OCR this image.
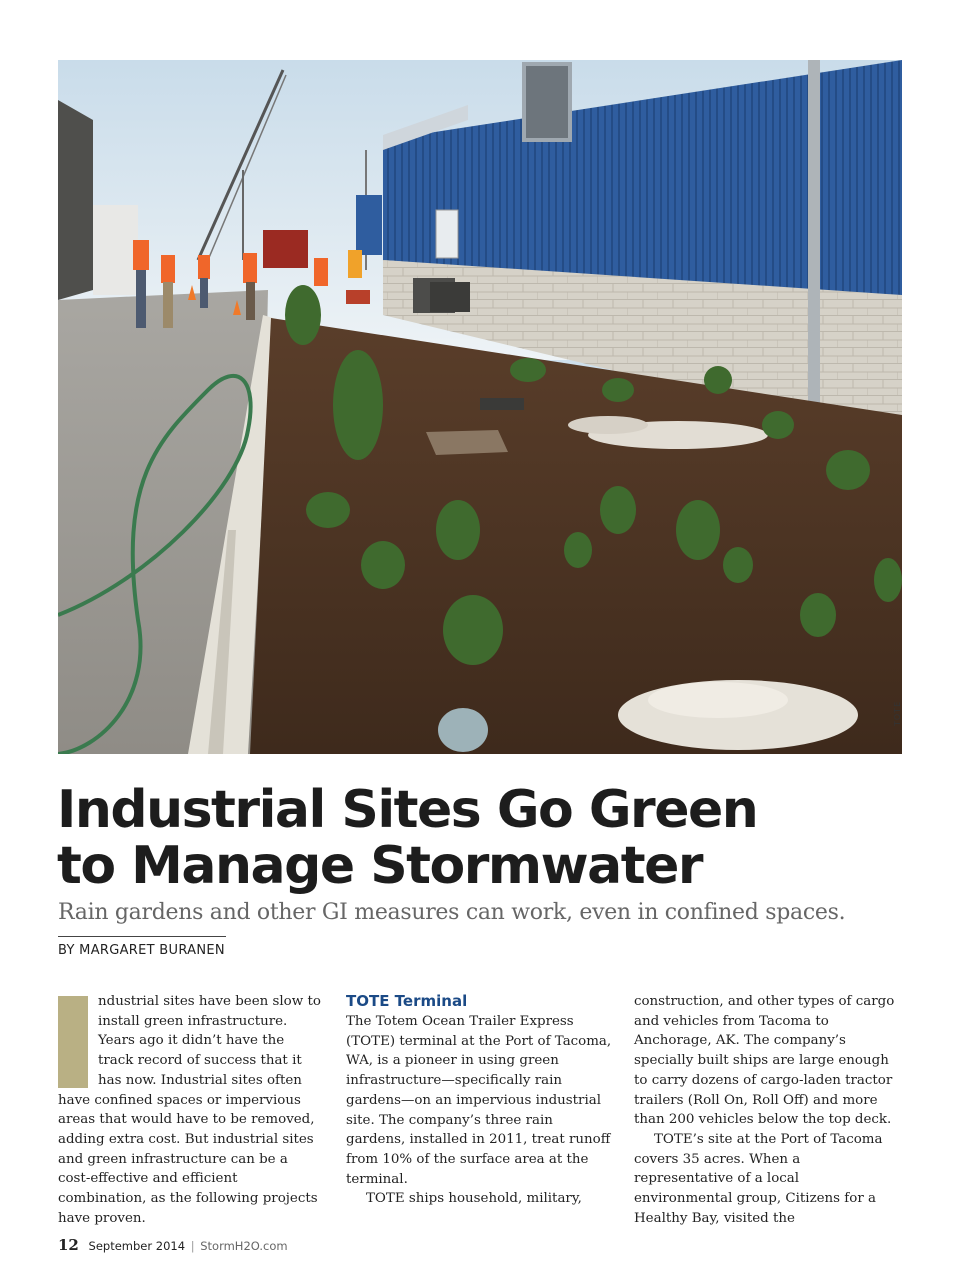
TOTE
Industrial Sites Go Green
to Manage Stormwater
Rain gardens and other GI measures can work, even in confined spaces.
BY MARGARET BURANEN

ndustrial sites have been slow to install green infrastructure. Years ago it didn’t have the track record of success that it has now. Industrial sites often have confined spaces or impervious areas that would have to be removed, adding extra cost. But industrial sites and green infrastructure can be a cost-effective and efficient combination, as the following projects have proven.

TOTE Terminal

The Totem Ocean Trailer Express (TOTE) terminal at the Port of Tacoma, WA, is a pioneer in using green infrastructure—specifically rain gardens—on an impervious industrial site. The company’s three rain gardens, installed in 2011, treat runoff from 10% of the surface area at the terminal.

TOTE ships household, military,

construction, and other types of cargo and vehicles from Tacoma to Anchorage, AK. The company’s specially built ships are large enough to carry dozens of cargo-laden tractor trailers (Roll On, Roll Off) and more than 200 vehicles below the top deck.

TOTE’s site at the Port of Tacoma covers 35 acres. When a representative of a local environmental group, Citizens for a Healthy Bay, visited the

12 September 2014 | StormH2O.com
